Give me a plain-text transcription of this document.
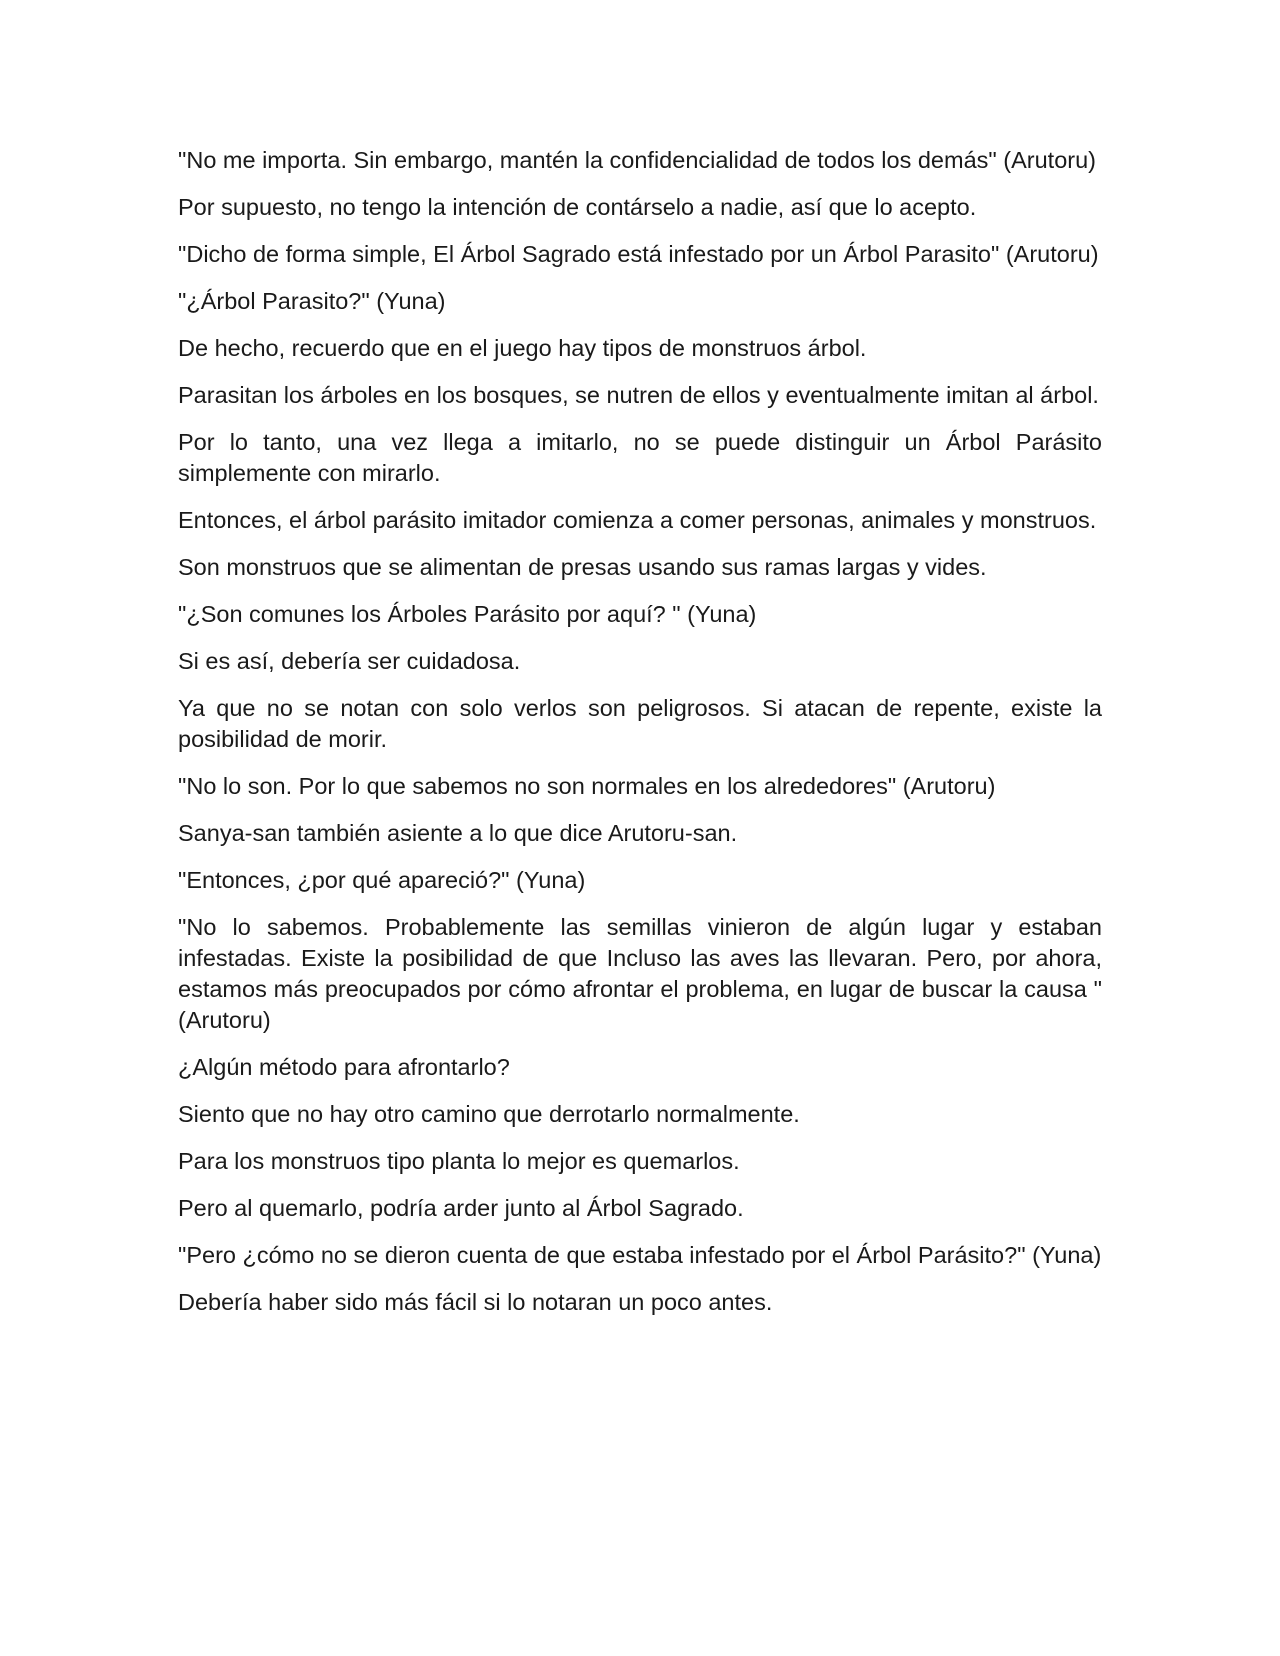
"No me importa. Sin embargo, mantén la confidencialidad de todos los demás" (Arutoru)

Por supuesto, no tengo la intención de contárselo a nadie, así que lo acepto.

"Dicho de forma simple, El Árbol Sagrado está infestado por un Árbol Parasito" (Arutoru)

"¿Árbol Parasito?" (Yuna)

De hecho, recuerdo que en el juego hay tipos de monstruos árbol.

Parasitan los árboles en los bosques, se nutren de ellos y eventualmente imitan al árbol.

Por lo tanto, una vez llega a imitarlo, no se puede distinguir un Árbol Parásito simplemente con mirarlo.

Entonces, el árbol parásito imitador comienza a comer personas, animales y monstruos.

Son monstruos que se alimentan de presas usando sus ramas largas y vides.

"¿Son comunes los Árboles Parásito por aquí? " (Yuna)

Si es así, debería ser cuidadosa.

Ya que no se notan con solo verlos son peligrosos. Si atacan de repente, existe la posibilidad de morir.

"No lo son. Por lo que sabemos no son normales en los alrededores" (Arutoru)

Sanya-san también asiente a lo que dice Arutoru-san.

"Entonces, ¿por qué apareció?" (Yuna)

"No lo sabemos. Probablemente las semillas vinieron de algún lugar y estaban infestadas. Existe la posibilidad de que Incluso las aves las llevaran. Pero, por ahora, estamos más preocupados por cómo afrontar el problema, en lugar de buscar la causa " (Arutoru)

¿Algún método para afrontarlo?

Siento que no hay otro camino que derrotarlo normalmente.

Para los monstruos tipo planta lo mejor es quemarlos.

Pero al quemarlo, podría arder junto al Árbol Sagrado.

"Pero ¿cómo no se dieron cuenta de que estaba infestado por el Árbol Parásito?" (Yuna)

Debería haber sido más fácil si lo notaran un poco antes.
